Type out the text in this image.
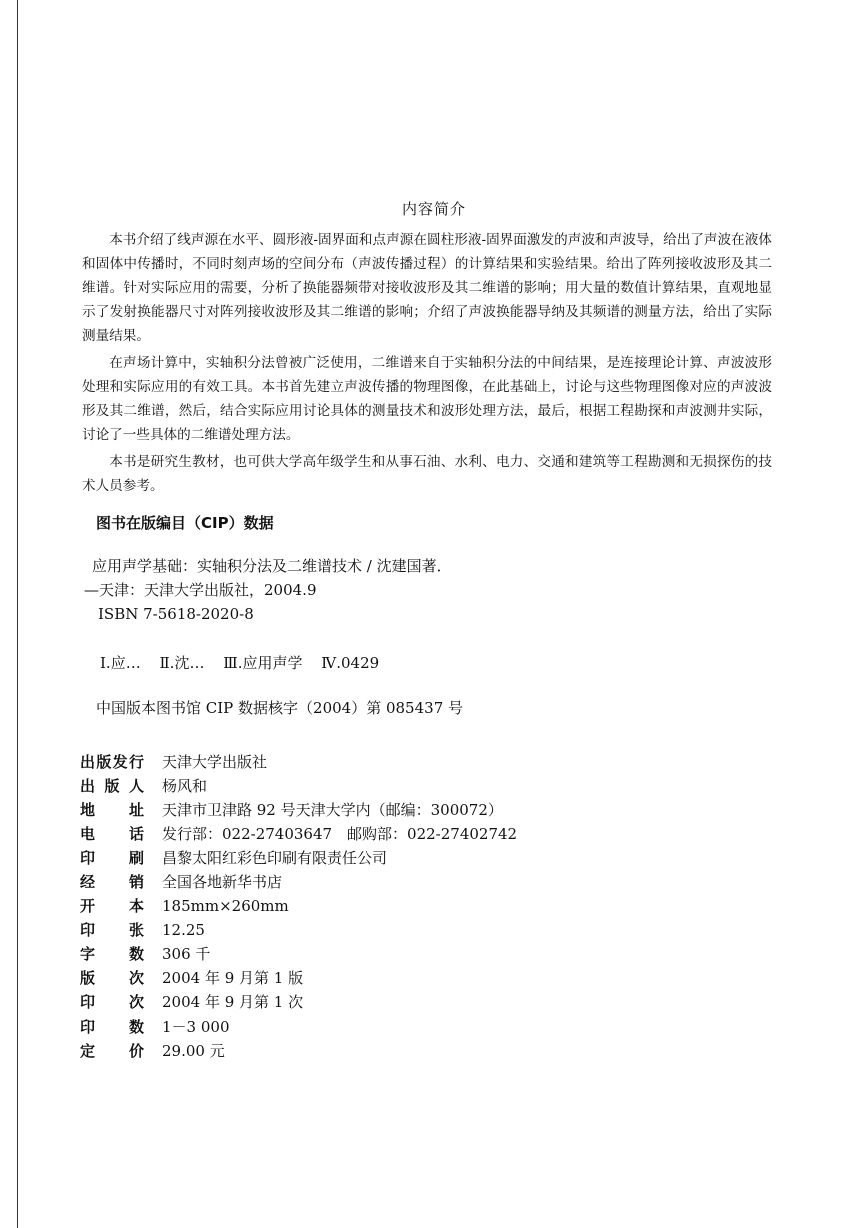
内容简介

本书介绍了线声源在水平、圆形液-固界面和点声源在圆柱形液-固界面激发的声波和声波导，给出了声波在液体和固体中传播时，不同时刻声场的空间分布（声波传播过程）的计算结果和实验结果。给出了阵列接收波形及其二维谱。针对实际应用的需要，分析了换能器频带对接收波形及其二维谱的影响；用大量的数值计算结果，直观地显示了发射换能器尺寸对阵列接收波形及其二维谱的影响；介绍了声波换能器导纳及其频谱的测量方法，给出了实际测量结果。

在声场计算中，实轴积分法曾被广泛使用，二维谱来自于实轴积分法的中间结果，是连接理论计算、声波波形处理和实际应用的有效工具。本书首先建立声波传播的物理图像，在此基础上，讨论与这些物理图像对应的声波波形及其二维谱，然后，结合实际应用讨论具体的测量技术和波形处理方法，最后，根据工程勘探和声波测井实际，讨论了一些具体的二维谱处理方法。

本书是研究生教材，也可供大学高年级学生和从事石油、水利、电力、交通和建筑等工程勘测和无损探伤的技术人员参考。

图书在版编目（CIP）数据
应用声学基础：实轴积分法及二维谱技术 / 沈建国著．
—天津：天津大学出版社，2004.9
ISBN 7-5618-2020-8
Ⅰ.应… Ⅱ.沈… Ⅲ.应用声学 Ⅳ.0429
中国版本图书馆 CIP 数据核字（2004）第 085437 号
出版发行 天津大学出版社
出版人 杨风和
地址 天津市卫津路 92 号天津大学内（邮编：300072）
电话 发行部：022-27403647　邮购部：022-27402742
印刷 昌黎太阳红彩色印刷有限责任公司
经销 全国各地新华书店
开本 185mm×260mm
印张 12.25
字数 306 千
版次 2004 年 9 月第 1 版
印次 2004 年 9 月第 1 次
印数 1－3 000
定价 29.00 元
